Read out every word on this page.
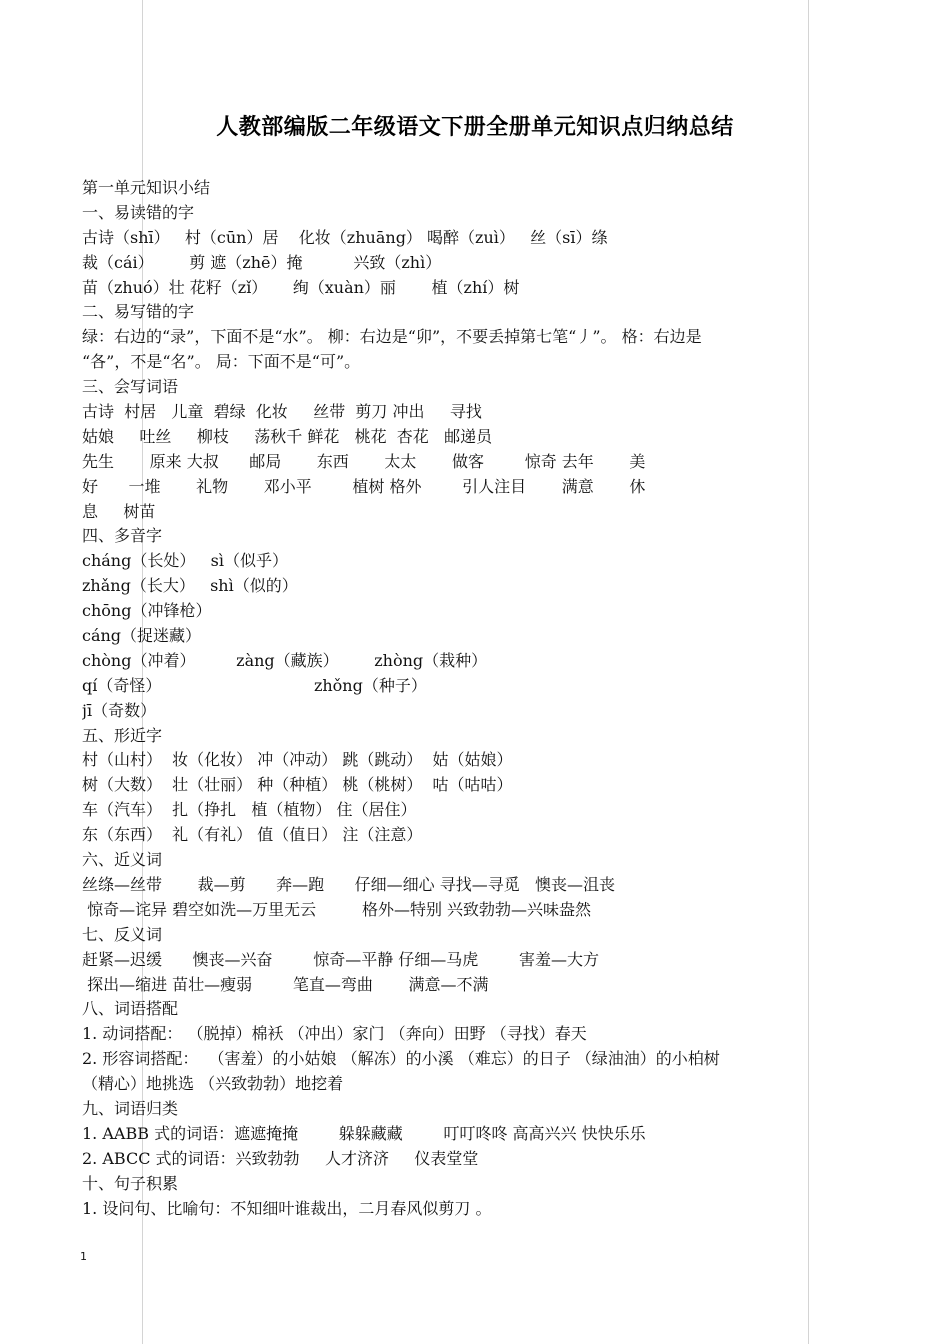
人教部编版二年级语文下册全册单元知识点归纳总结
第一单元知识小结
一、易读错的字
古诗（shī）   村（cūn）居    化妆（zhuāng） 喝醉（zuì）   丝（sī）绦
裁（cái）       剪 遮（zhē）掩          兴致（zhì）
苗（zhuó）壮 花籽（zǐ）     绚（xuàn）丽       植（zhí）树
二、易写错的字
绿：右边的“录”，下面不是“水”。 柳：右边是“卯”，不要丢掉第七笔“丿”。 格：右边是
“各”，不是“名”。 局：下面不是“可”。
三、会写词语
古诗  村居   儿童  碧绿  化妆     丝带  剪刀 冲出     寻找
姑娘     吐丝     柳枝     荡秋千 鲜花   桃花  杏花   邮递员
先生       原来 大叔      邮局       东西       太太       做客        惊奇 去年       美
好      一堆       礼物       邓小平        植树 格外        引人注目       满意       休
息     树苗
四、多音字
cháng（长处）   sì（似乎）
zhǎng（长大）   shì（似的）
chōng（冲锋枪）
cáng（捉迷藏）
chòng（冲着）        zàng（藏族）       zhòng（栽种）
qí（奇怪）                              zhǒng（种子）
jī（奇数）
五、形近字
村（山村）  妆（化妆） 冲（冲动） 跳（跳动）  姑（姑娘）
树（大数）  壮（壮丽） 种（种植） 桃（桃树）  咕（咕咕）
车（汽车）  扎（挣扎   植（植物） 住（居住）
东（东西）  礼（有礼） 值（值日） 注（注意）
六、近义词
丝绦—丝带       裁—剪      奔—跑      仔细—细心 寻找—寻觅   懊丧—沮丧
惊奇—诧异 碧空如洗—万里无云         格外—特别 兴致勃勃—兴味盎然
七、反义词
赶紧—迟缓      懊丧—兴奋        惊奇—平静 仔细—马虎        害羞—大方
探出—缩进 苗壮—瘦弱        笔直—弯曲       满意—不满
八、词语搭配
1. 动词搭配： （脱掉）棉袄 （冲出）家门 （奔向）田野 （寻找）春天
2. 形容词搭配：  （害羞）的小姑娘 （解冻）的小溪 （难忘）的日子 （绿油油）的小柏树
（精心）地挑选 （兴致勃勃）地挖着
九、词语归类
1. AABB 式的词语：遮遮掩掩        躲躲藏藏        叮叮咚咚 高高兴兴 快快乐乐
2. ABCC 式的词语：兴致勃勃     人才济济     仪表堂堂
十、句子积累
1. 设问句、比喻句：不知细叶谁裁出，二月春风似剪刀 。
1
